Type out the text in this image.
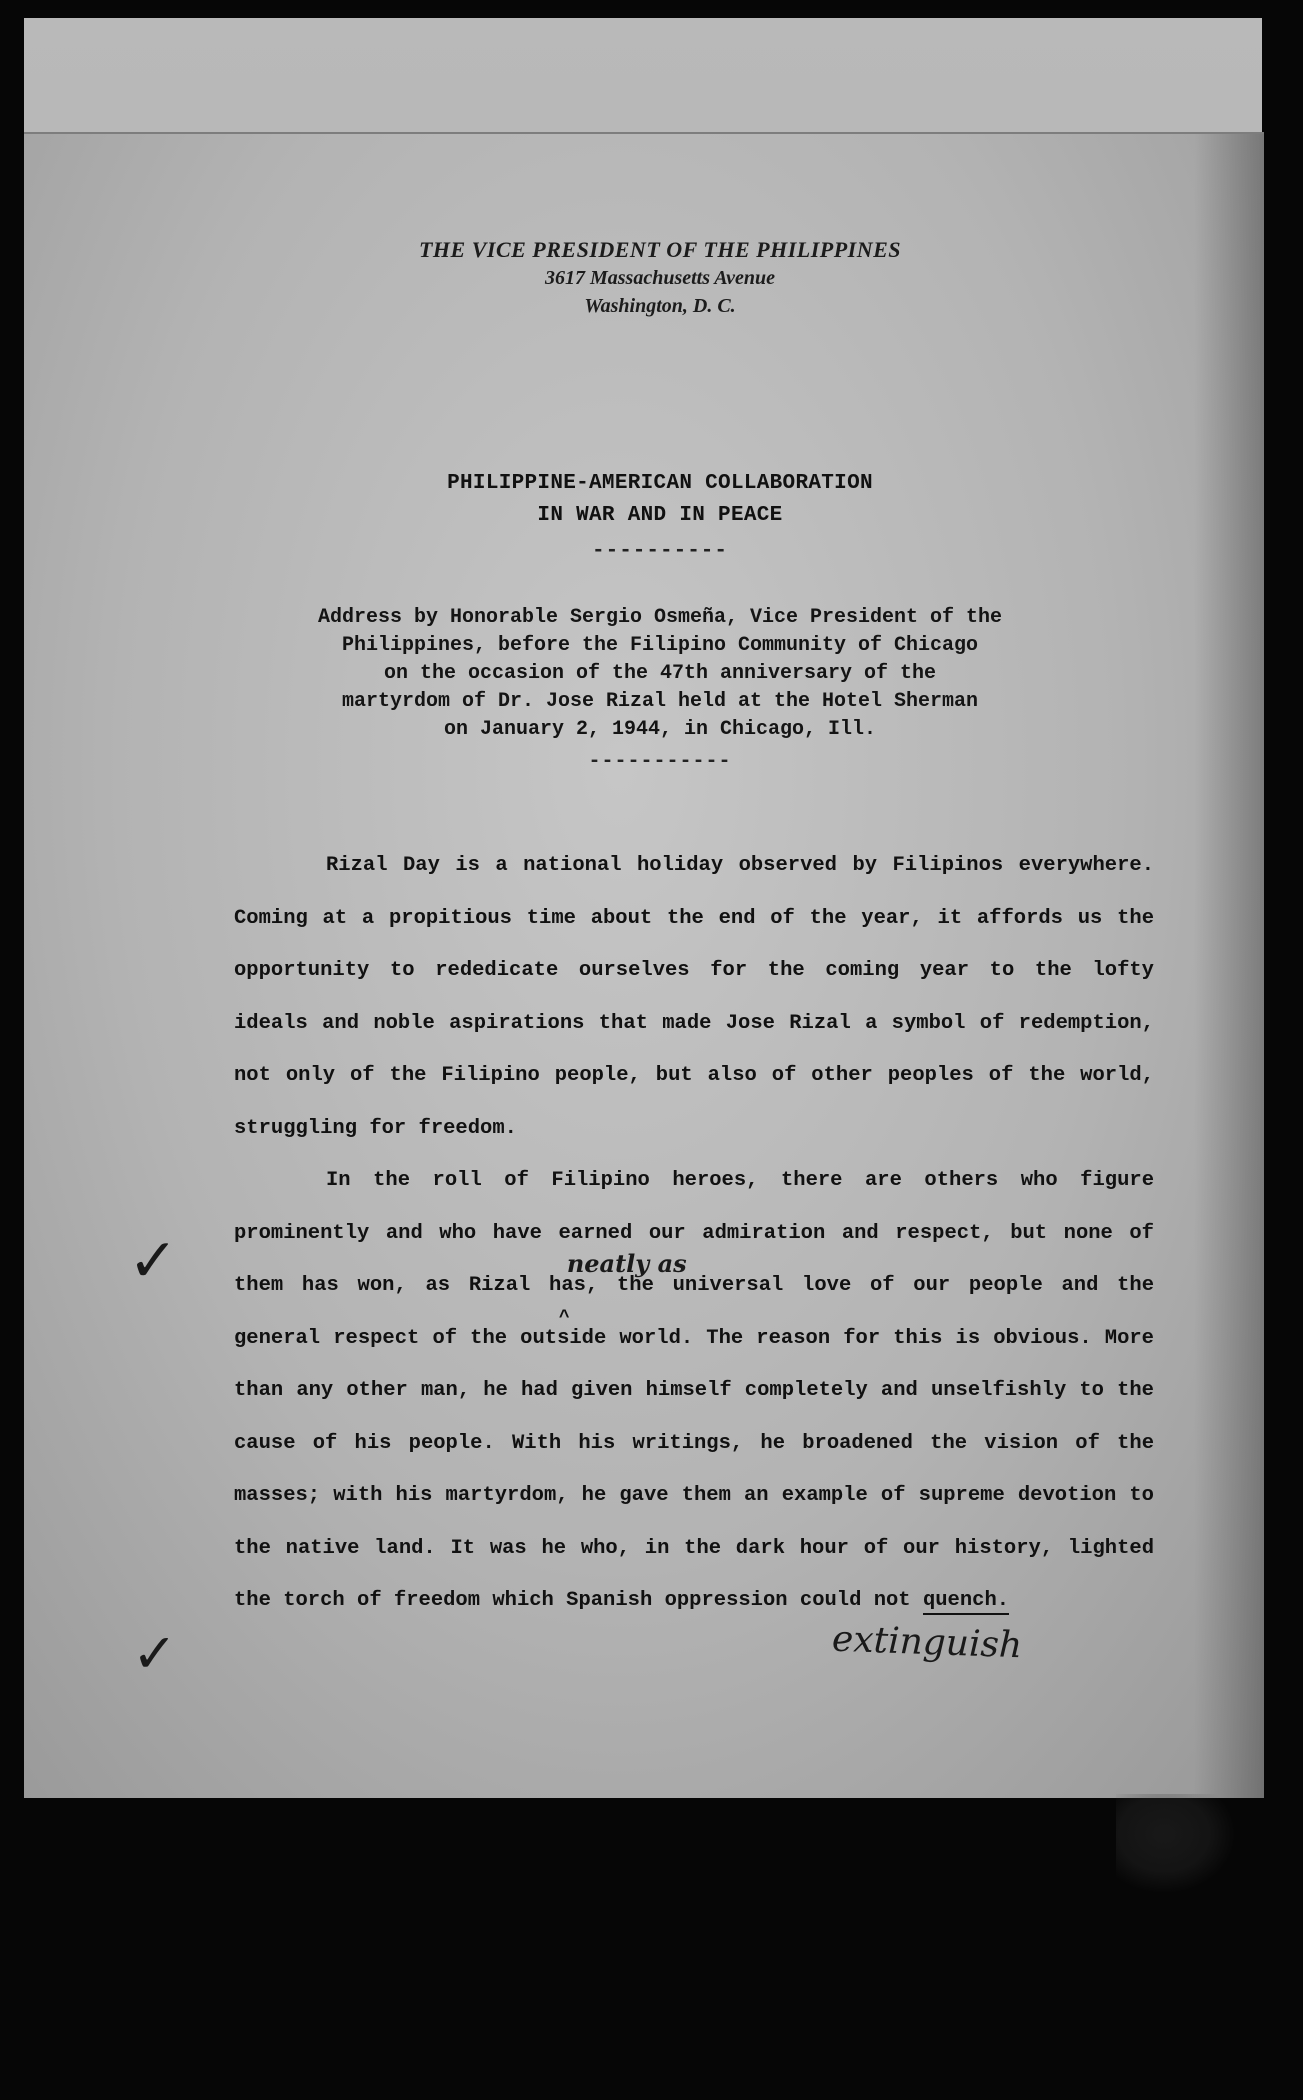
THE VICE PRESIDENT OF THE PHILIPPINES
3617 Massachusetts Avenue
Washington, D. C.
PHILIPPINE-AMERICAN COLLABORATION
IN WAR AND IN PEACE
----------
Address by Honorable Sergio Osmeña, Vice President of the
Philippines, before the Filipino Community of Chicago
on the occasion of the 47th anniversary of the
martyrdom of Dr. Jose Rizal held at the Hotel Sherman
on January 2, 1944, in Chicago, Ill.
-----------

Rizal Day is a national holiday observed by Filipinos everywhere. Coming at a propitious time about the end of the year, it affords us the opportunity to rededicate ourselves for the coming year to the lofty ideals and noble aspirations that made Jose Rizal a symbol of redemption, not only of the Filipino people, but also of other peoples of the world, struggling for freedom.

In the roll of Filipino heroes, there are others who figure prominently and who have earned our admiration and respect, but none of them has won, as
neatly as
^
Rizal has, the universal love of our people and the general respect of the outside world. The reason for this is obvious. More than any other man, he had given himself completely and unselfishly to the cause of his people. With his writings, he broadened the vision of the masses; with his martyrdom, he gave them an example of supreme devotion to the native land. It was he who, in the dark hour of our history, lighted the torch of freedom which Spanish oppression could not quench.

✓
✓	extinguish
